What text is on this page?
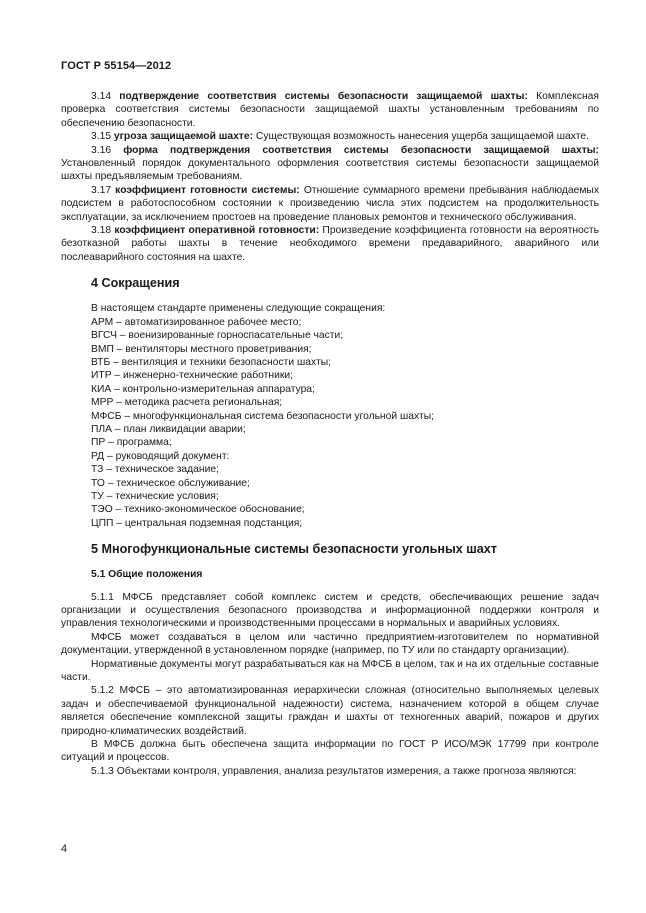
ГОСТ Р 55154—2012

3.14 подтверждение соответствия системы безопасности защищаемой шахты: Комплексная проверка соответствия системы безопасности защищаемой шахты установленным требованиям по обеспечению безопасности.

3.15 угроза защищаемой шахте: Существующая возможность нанесения ущерба защищаемой шахте.

3.16 форма подтверждения соответствия системы безопасности защищаемой шахты: Установленный порядок документального оформления соответствия системы безопасности защищаемой шахты предъявляемым требованиям.

3.17 коэффициент готовности системы: Отношение суммарного времени пребывания наблюдаемых подсистем в работоспособном состоянии к произведению числа этих подсистем на продолжительность эксплуатации, за исключением простоев на проведение плановых ремонтов и технического обслуживания.

3.18 коэффициент оперативной готовности: Произведение коэффициента готовности на вероятность безотказной работы шахты в течение необходимого времени предаварийного, аварийного или послеаварийного состояния на шахте.

4 Сокращения

В настоящем стандарте применены следующие сокращения:

АРМ – автоматизированное рабочее место;
ВГСЧ – военизированные горноспасательные части;
ВМП – вентиляторы местного проветривания;
ВТБ – вентиляция и техники безопасности шахты;
ИТР – инженерно-технические работники;
КИА – контрольно-измерительная аппаратура;
МРР – методика расчета региональная;
МФСБ – многофункциональная система безопасности угольной шахты;
ПЛА – план ликвидации аварии;
ПР – программа;
РД – руководящий документ:
ТЗ – техническое задание;
ТО – техническое обслуживание;
ТУ – технические условия;
ТЭО – технико-экономическое обоснование;
ЦПП – центральная подземная подстанция;
5 Многофункциональные системы безопасности угольных шахт
5.1 Общие положения

5.1.1 МФСБ представляет собой комплекс систем и средств, обеспечивающих решение задач организации и осуществления безопасного производства и информационной поддержки контроля и управления технологическими и производственными процессами в нормальных и аварийных условиях.

МФСБ может создаваться в целом или частично предприятием-изготовителем по нормативной документации, утвержденной в установленном порядке (например, по ТУ или по стандарту организации).

Нормативные документы могут разрабатываться как на МФСБ в целом, так и на их отдельные составные части.

5.1.2 МФСБ – это автоматизированная иерархически сложная (относительно выполняемых целевых задач и обеспечиваемой функциональной надежности) система, назначением которой в общем случае является обеспечение комплексной защиты граждан и шахты от техногенных аварий, пожаров и других природно-климатических воздействий.

В МФСБ должна быть обеспечена защита информации по ГОСТ Р ИСО/МЭК 17799 при контроле ситуаций и процессов.

5.1.3 Объектами контроля, управления, анализа результатов измерения, а также прогноза являются:

4
